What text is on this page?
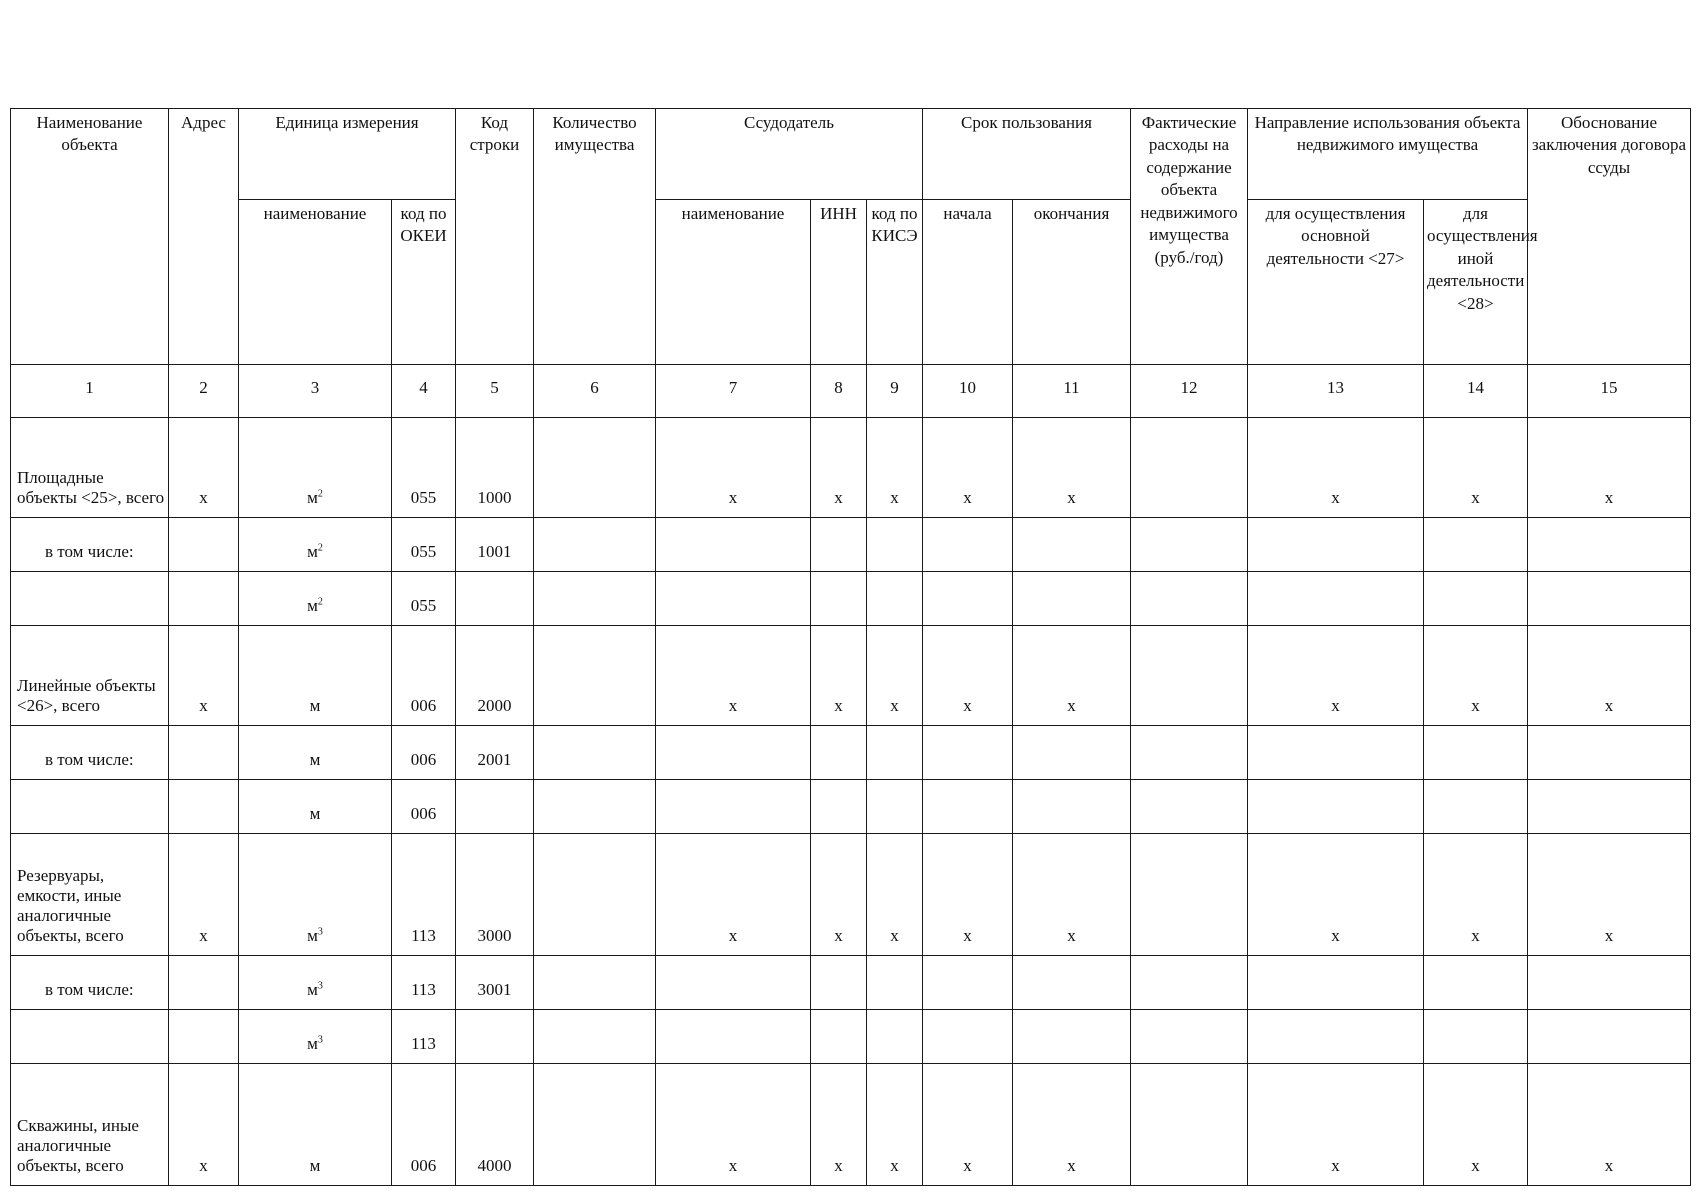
Наименование объекта	Адрес	Единица измерения		Код строки	Количество имущества	Ссудодатель			Срок пользования		Фактические расходы на содержание объекта недвижимого имущества (руб./год)	Направление использования объекта недвижимого имущества		Обоснование заключения договора ссуды
		наименование	код по ОКЕИ			наименование	ИНН	код по КИСЭ	начала	окончания		для осуществления основной деятельности <27>	для осуществления иной деятельности <28>	
1	2	3	4	5	6	7	8	9	10	11	12	13	14	15
Площадные объекты <25>, всего	х	$м^2$	055	1000		х	х	х	х	х		х	х	х
в том числе:		$м^2$	055	1001										
		$м^2$	055											
Линейные объекты <26>, всего	х	м	006	2000		х	х	х	х	х		х	х	х
в том числе:		м	006	2001										
		м	006											
Резервуары, емкости, иные аналогичные объекты, всего	х	$м^3$	113	3000		х	х	х	х	х		х	х	х
в том числе:		$м^3$	113	3001										
		$м^3$	113											
Скважины, иные аналогичные объекты, всего	х	м	006	4000		х	х	х	х	х		х	х	х
